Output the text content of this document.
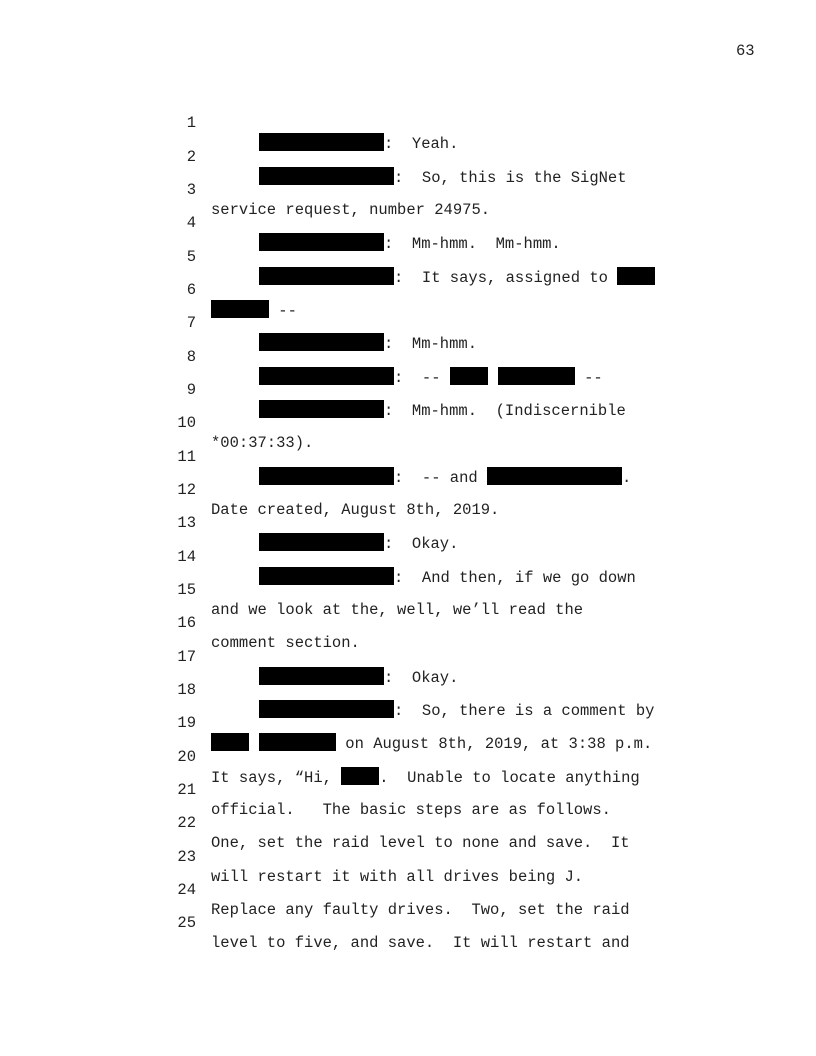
63

1

:  Yeah.

2

:  So, this is the SigNet

3

service request, number 24975.

4

:  Mm-hmm.  Mm-hmm.

5

:  It says, assigned to

6

--

7

:  Mm-hmm.

8

:  --	--

9

:  Mm-hmm.  (Indiscernible

10

*00:37:33).

11

:  -- and	.

12

Date created, August 8th, 2019.

13

:  Okay.

14

:  And then, if we go down

15

and we look at the, well, we’ll read the

16

comment section.

17

:  Okay.

18

:  So, there is a comment by

19

on August 8th, 2019, at 3:38 p.m.

20

It says, “Hi, .  Unable to locate anything

21

official.   The basic steps are as follows.

22

One, set the raid level to none and save.  It

23

will restart it with all drives being J.

24

Replace any faulty drives.  Two, set the raid

25

level to five, and save.  It will restart and
